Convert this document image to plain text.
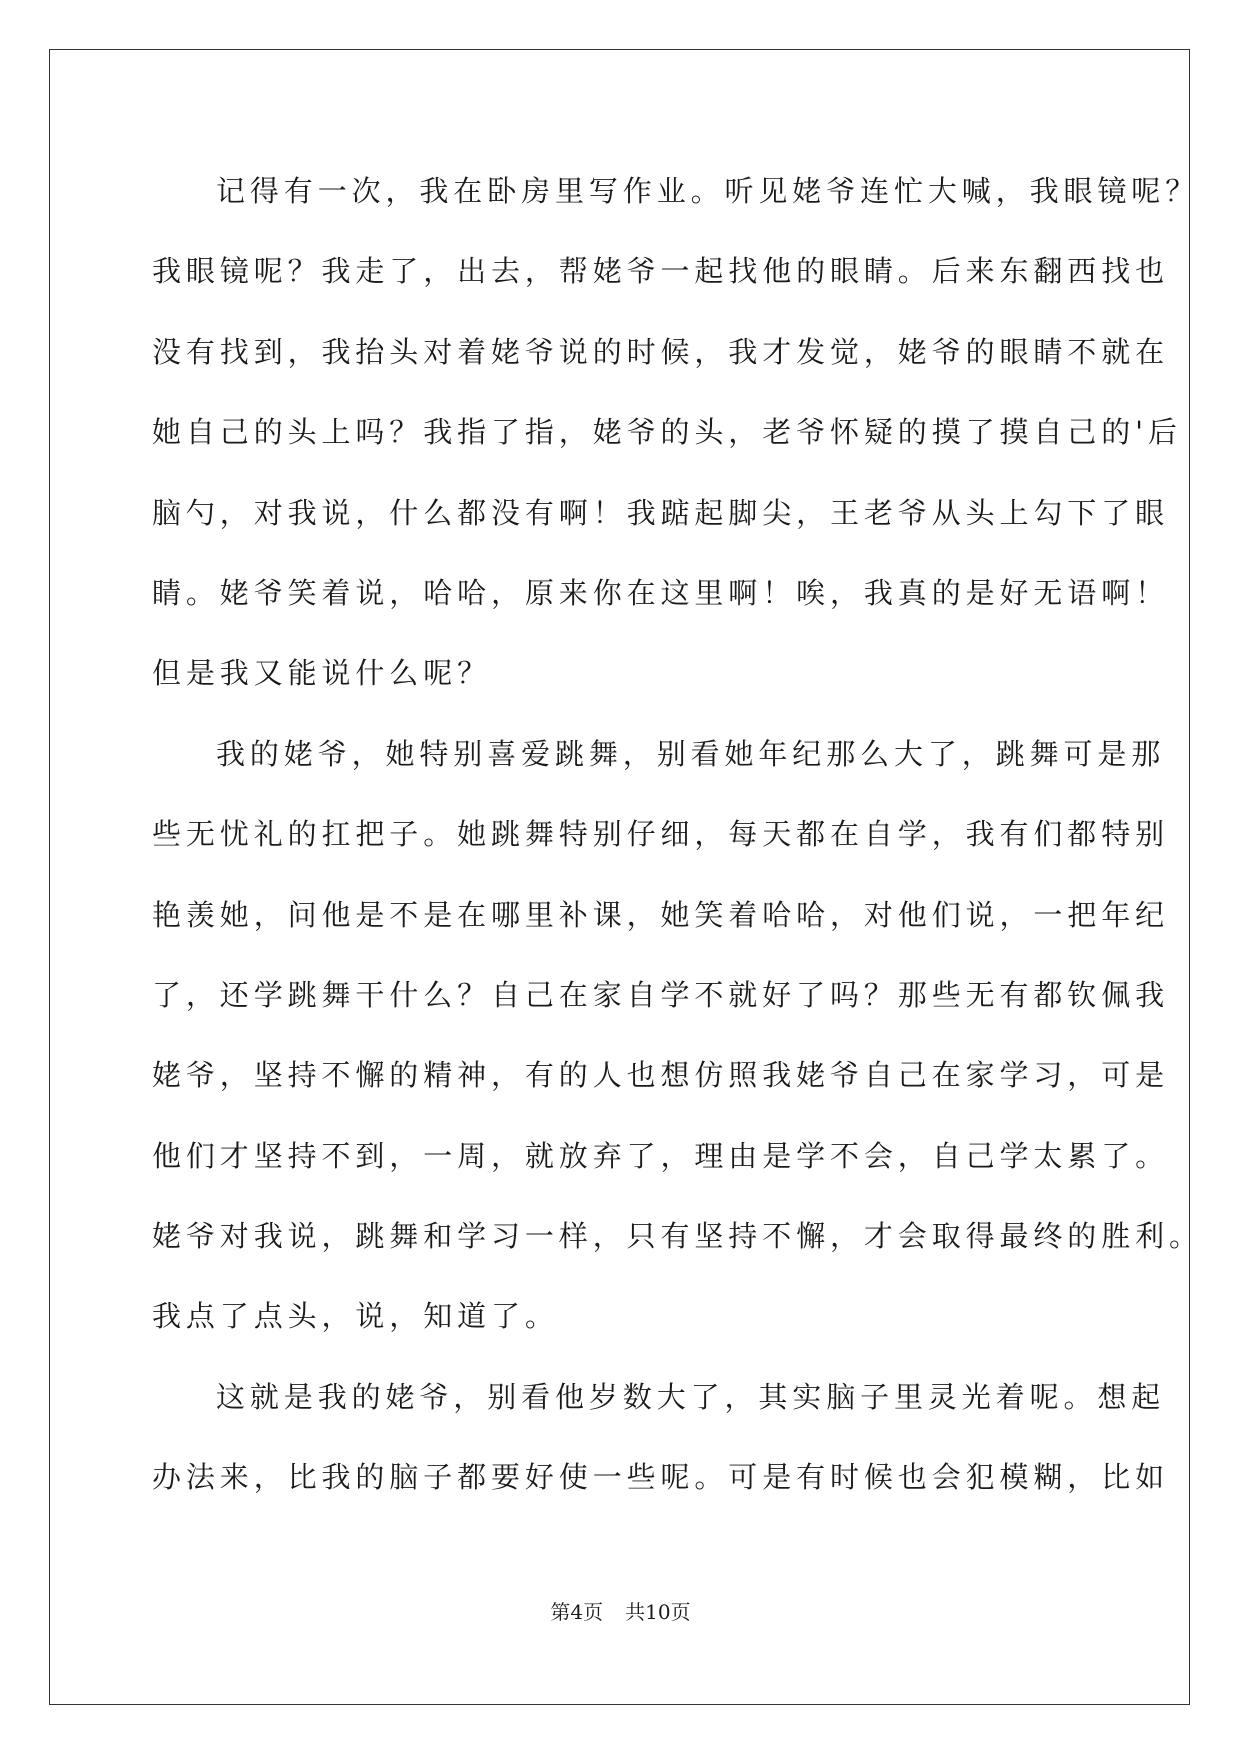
记得有一次，我在卧房里写作业。听见姥爷连忙大喊，我眼镜呢？
我眼镜呢？我走了，出去，帮姥爷一起找他的眼睛。后来东翻西找也
没有找到，我抬头对着姥爷说的时候，我才发觉，姥爷的眼睛不就在
她自己的头上吗？我指了指，姥爷的头，老爷怀疑的摸了摸自己的'后
脑勺，对我说，什么都没有啊！我踮起脚尖，王老爷从头上勾下了眼
睛。姥爷笑着说，哈哈，原来你在这里啊！唉，我真的是好无语啊！
但是我又能说什么呢？
我的姥爷，她特别喜爱跳舞，别看她年纪那么大了，跳舞可是那
些无忧礼的扛把子。她跳舞特别仔细，每天都在自学，我有们都特别
艳羡她，问他是不是在哪里补课，她笑着哈哈，对他们说，一把年纪
了，还学跳舞干什么？自己在家自学不就好了吗？那些无有都钦佩我
姥爷，坚持不懈的精神，有的人也想仿照我姥爷自己在家学习，可是
他们才坚持不到，一周，就放弃了，理由是学不会，自己学太累了。
姥爷对我说，跳舞和学习一样，只有坚持不懈，才会取得最终的胜利。
我点了点头，说，知道了。
这就是我的姥爷，别看他岁数大了，其实脑子里灵光着呢。想起
办法来，比我的脑子都要好使一些呢。可是有时候也会犯模糊，比如
第4页 共10页
